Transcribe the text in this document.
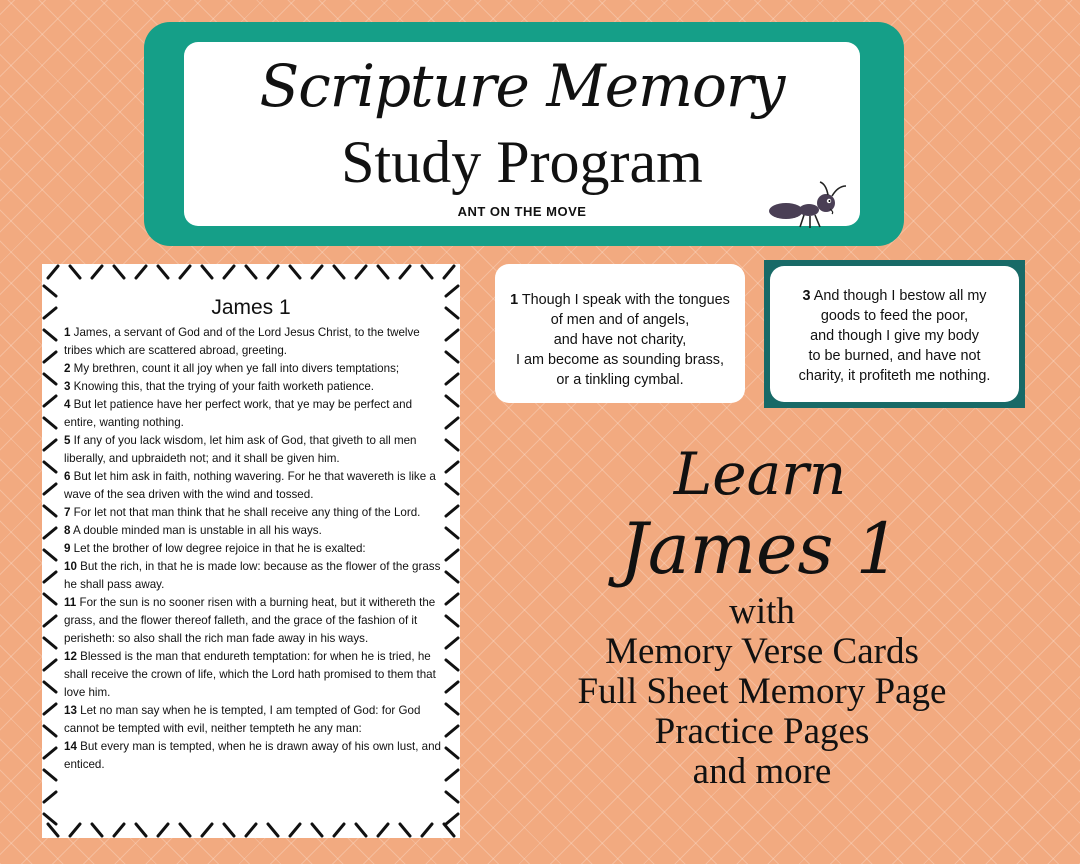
Scripture Memory
Study Program
ANT ON THE MOVE
James 1

1 James, a servant of God and of the Lord Jesus Christ, to the twelve tribes which are scattered abroad, greeting.

2 My brethren, count it all joy when ye fall into divers temptations;

3 Knowing this, that the trying of your faith worketh patience.

4 But let patience have her perfect work, that ye may be perfect and entire, wanting nothing.

5 If any of you lack wisdom, let him ask of God, that giveth to all men liberally, and upbraideth not; and it shall be given him.

6 But let him ask in faith, nothing wavering. For he that wavereth is like a wave of the sea driven with the wind and tossed.

7 For let not that man think that he shall receive any thing of the Lord.

8 A double minded man is unstable in all his ways.

9 Let the brother of low degree rejoice in that he is exalted:

10 But the rich, in that he is made low: because as the flower of the grass he shall pass away.

11 For the sun is no sooner risen with a burning heat, but it withereth the grass, and the flower thereof falleth, and the grace of the fashion of it perisheth: so also shall the rich man fade away in his ways.

12 Blessed is the man that endureth temptation: for when he is tried, he shall receive the crown of life, which the Lord hath promised to them that love him.

13 Let no man say when he is tempted, I am tempted of God: for God cannot be tempted with evil, neither tempteth he any man:

14 But every man is tempted, when he is drawn away of his own lust, and enticed.

1 Though I speak with the tongues
of men and of angels,
and have not charity,
I am become as sounding brass,
or a tinkling cymbal.
3 And though I bestow all my
goods to feed the poor,
and though I give my body
to be burned, and have not
charity, it profiteth me nothing.
Learn
James 1
with
Memory Verse Cards
Full Sheet Memory Page
Practice Pages
and more
